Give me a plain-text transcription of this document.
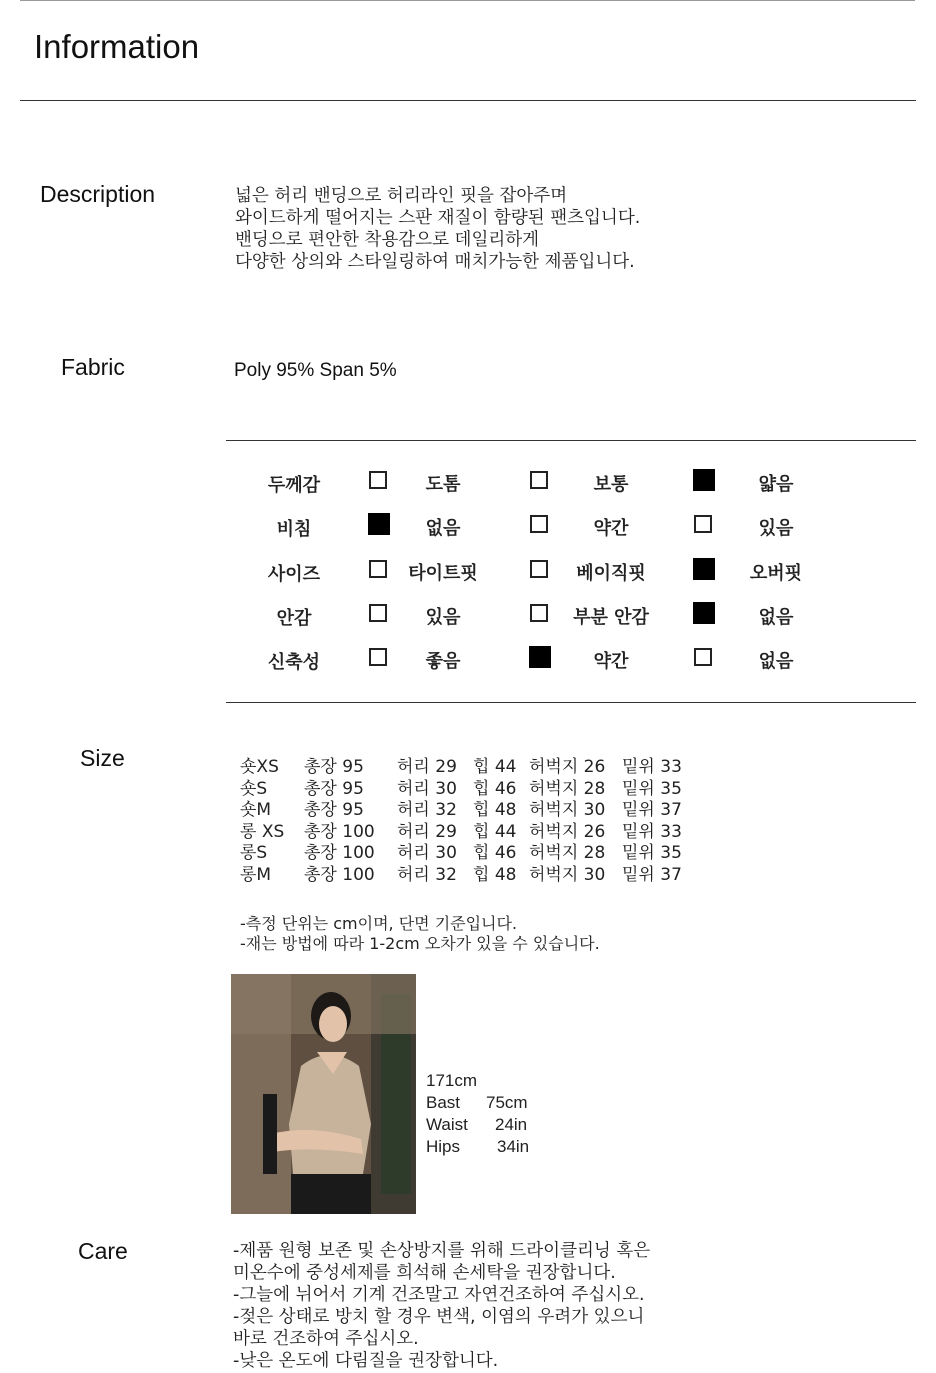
Information
Description	넓은 허리 밴딩으로 허리라인 핏을 잡아주며
와이드하게 떨어지는 스판 재질이 함량된 팬츠입니다.
밴딩으로 편안한 착용감으로 데일리하게
다양한 상의와 스타일링하여 매치가능한 제품입니다.
Fabric	Poly 95% Span 5%
두께감	도톰	보통	얇음
비침	없음	약간	있음
사이즈	타이트핏	베이직핏	오버핏
안감	있음	부분 안감	없음
신축성	좋음	약간	없음
Size	숏XS 총장 95 허리 29 힙 44 허벅지 26 밑위 33
숏S 총장 95 허리 30 힙 46 허벅지 28 밑위 35
숏M 총장 95 허리 32 힙 48 허벅지 30 밑위 37
롱 XS 총장 100 허리 29 힙 44 허벅지 26 밑위 33
롱S 총장 100 허리 30 힙 46 허벅지 28 밑위 35
롱M 총장 100 허리 32 힙 48 허벅지 30 밑위 37
-측정 단위는 cm이며, 단면 기준입니다.
-재는 방법에 따라 1-2cm 오차가 있을 수 있습니다.
171cm
Bast 75cm
Waist 24in
Hips 34in
Care	-제품 원형 보존 및 손상방지를 위해 드라이클리닝 혹은
미온수에 중성세제를 희석해 손세탁을 권장합니다.
-그늘에 뉘어서 기계 건조말고 자연건조하여 주십시오.
-젖은 상태로 방치 할 경우 변색, 이염의 우려가 있으니
바로 건조하여 주십시오.
-낮은 온도에 다림질을 권장합니다.
